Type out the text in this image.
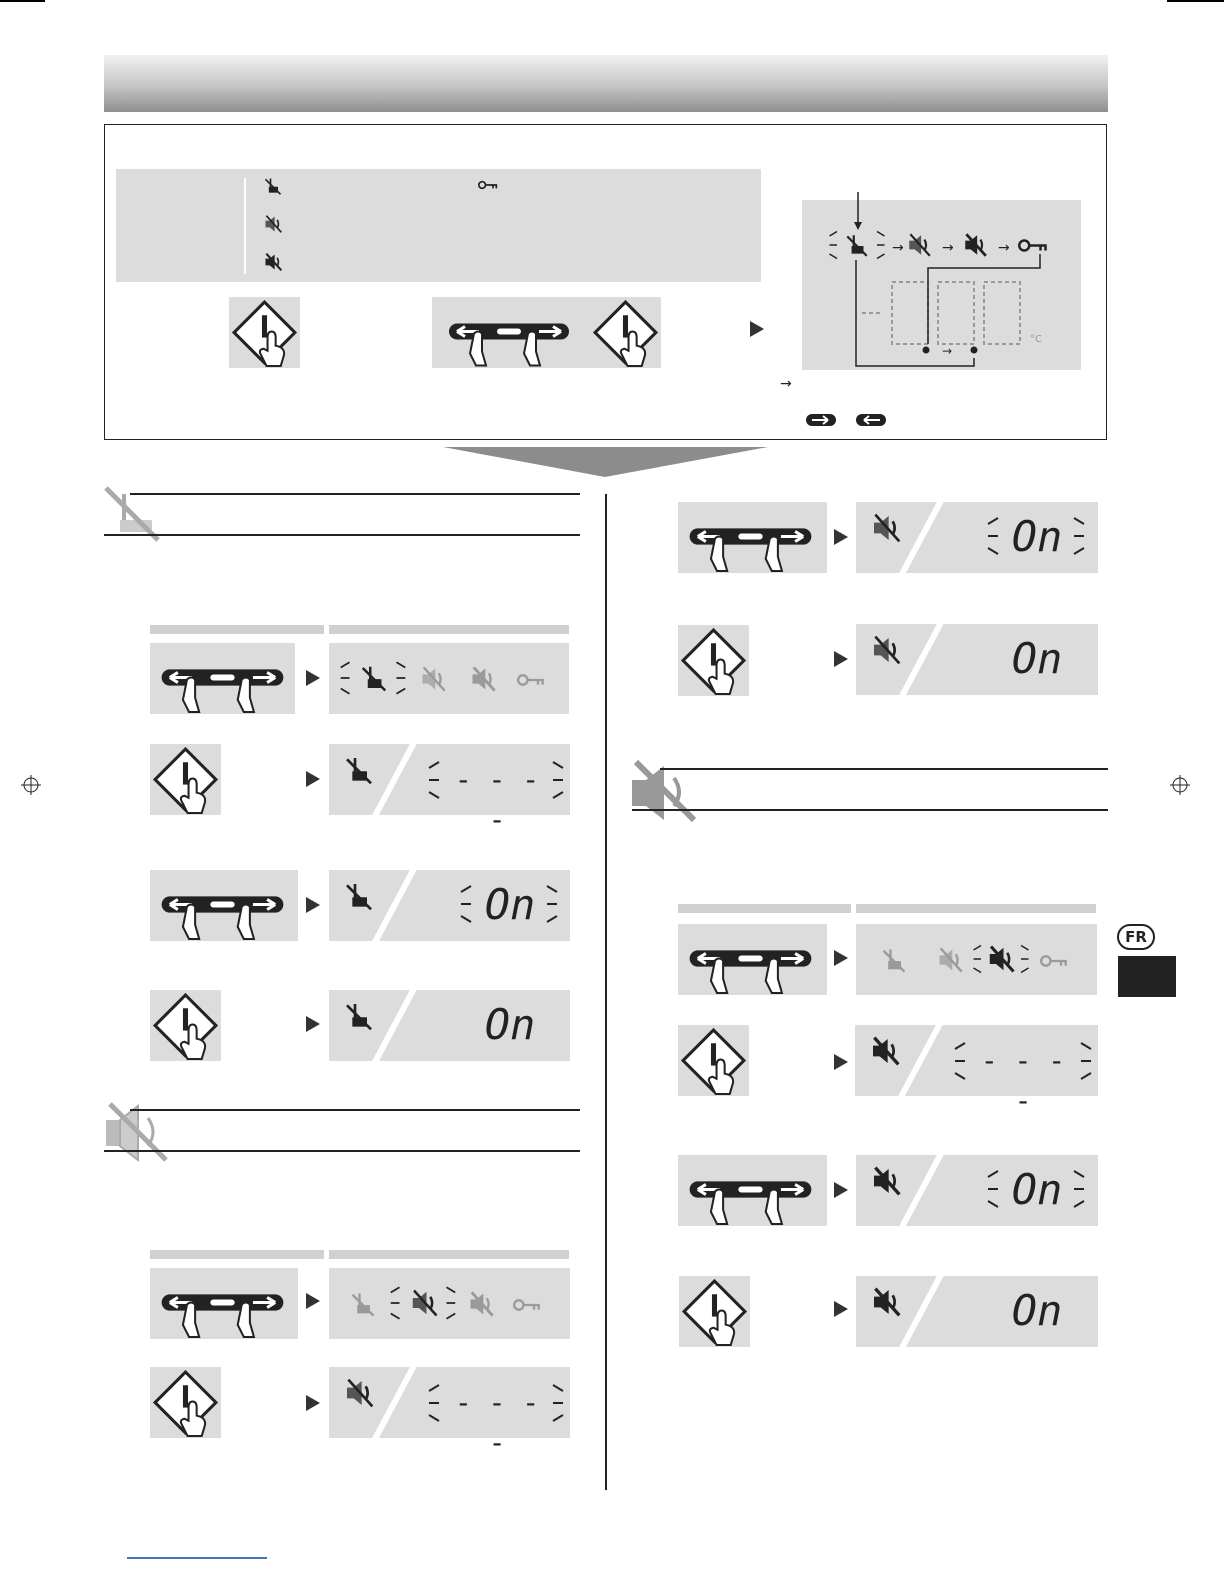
→	→	→
°C
→
→
- - - -
On
On
- - - -
On
On
- - - -
On
On
FR
